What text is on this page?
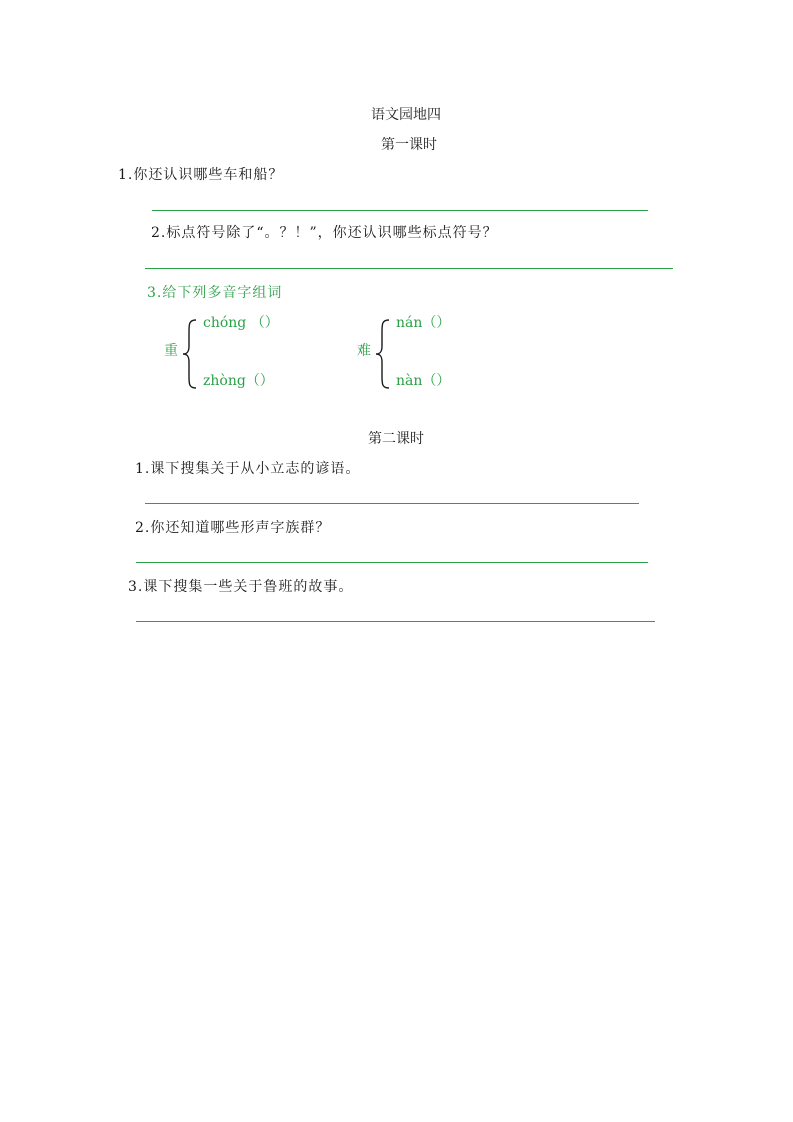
语文园地四
第一课时
1.你还认识哪些车和船？
2.标点符号除了“。？！”，你还认识哪些标点符号？
3.给下列多音字组词
重
chóng （）
zhòng（）
难
nán（）
nàn（）
第二课时
1.课下搜集关于从小立志的谚语。
2.你还知道哪些形声字族群？
3.课下搜集一些关于鲁班的故事。
